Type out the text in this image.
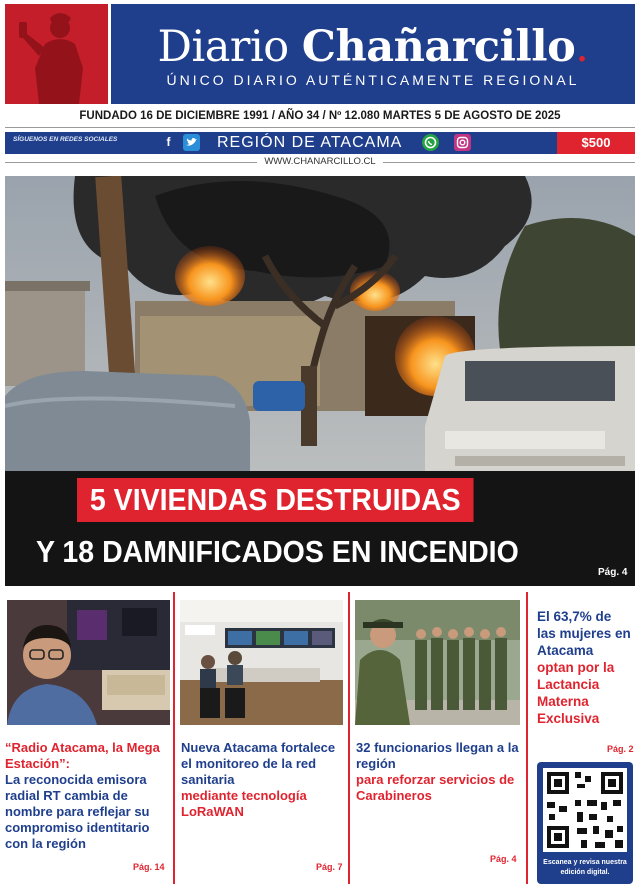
Diario Chañarcillo.
ÚNICO DIARIO AUTÉNTICAMENTE REGIONAL
FUNDADO 16 DE DICIEMBRE 1991 / AÑO 34 / Nº 12.080 MARTES 5 DE AGOSTO DE 2025
SÍGUENOS EN REDES SOCIALES	f	REGIÓN DE ATACAMA	$500
WWW.CHANARCILLO.CL
5 VIVIENDAS DESTRUIDAS
Y 18 DAMNIFICADOS EN INCENDIO
Pág. 4
“Radio Atacama, la Mega Estación”:
La reconocida emisora radial RT cambia de nombre para reflejar su compromiso identitario con la región
Pág. 14
Nueva Atacama fortalece el monitoreo de la red sanitaria
mediante tecnología LoRaWAN
Pág. 7
32 funcionarios llegan a la región
para reforzar servicios de Carabineros
Pág. 4
El 63,7% de las mujeres en Atacama
optan por la Lactancia Materna Exclusiva
Pág. 2
Escanea y revisa nuestra edición digital.
